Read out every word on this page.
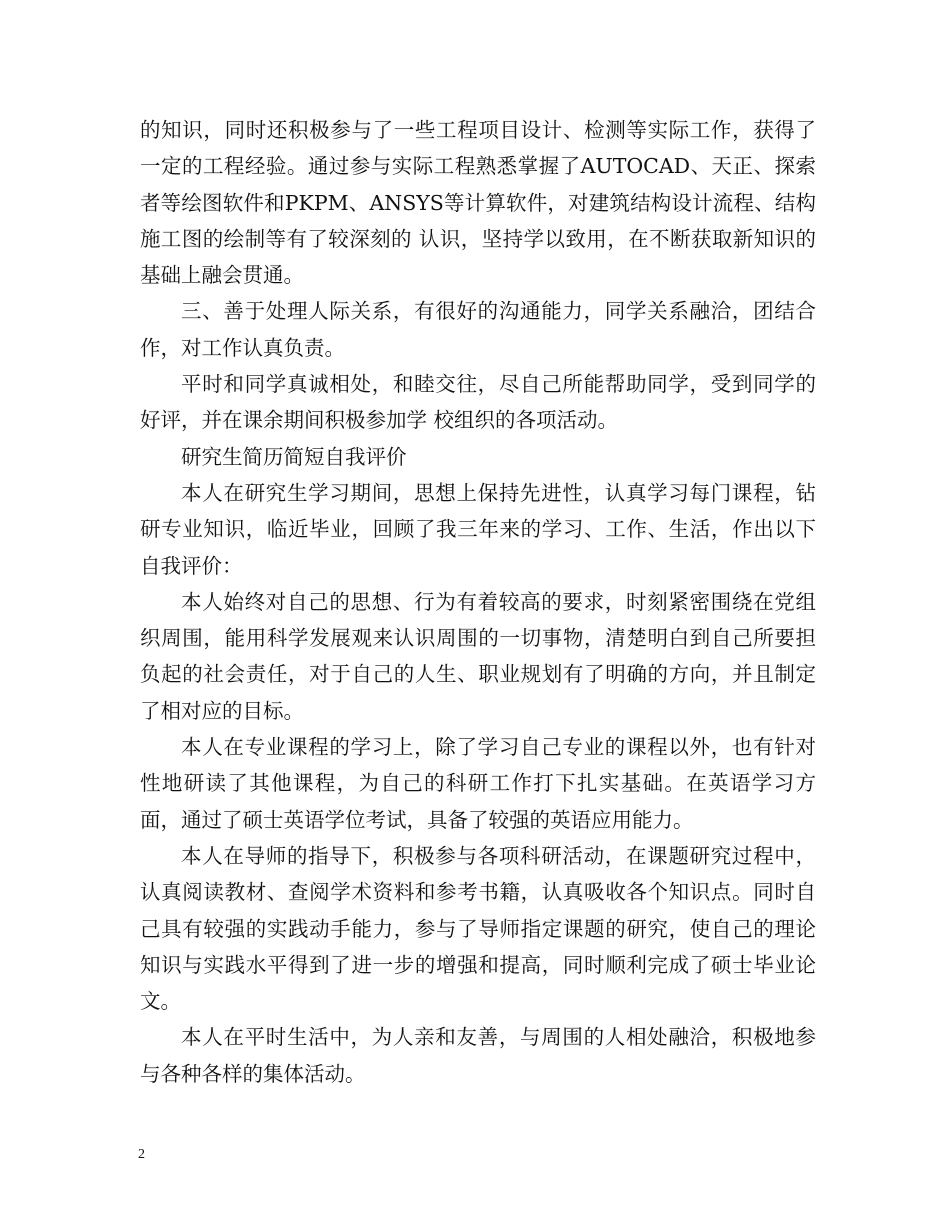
的知识，同时还积极参与了一些工程项目设计、检测等实际工作，获得了一定的工程经验。通过参与实际工程熟悉掌握了AUTOCAD、天正、探索者等绘图软件和PKPM、ANSYS等计算软件，对建筑结构设计流程、结构施工图的绘制等有了较深刻的 认识，坚持学以致用，在不断获取新知识的基础上融会贯通。

三、善于处理人际关系，有很好的沟通能力，同学关系融洽，团结合作，对工作认真负责。

平时和同学真诚相处，和睦交往，尽自己所能帮助同学，受到同学的好评，并在课余期间积极参加学 校组织的各项活动。

研究生简历简短自我评价

本人在研究生学习期间，思想上保持先进性，认真学习每门课程，钻研专业知识，临近毕业，回顾了我三年来的学习、工作、生活，作出以下自我评价：

本人始终对自己的思想、行为有着较高的要求，时刻紧密围绕在党组织周围，能用科学发展观来认识周围的一切事物，清楚明白到自己所要担负起的社会责任，对于自己的人生、职业规划有了明确的方向，并且制定了相对应的目标。

本人在专业课程的学习上，除了学习自己专业的课程以外，也有针对性地研读了其他课程，为自己的科研工作打下扎实基础。在英语学习方面，通过了硕士英语学位考试，具备了较强的英语应用能力。

本人在导师的指导下，积极参与各项科研活动，在课题研究过程中，认真阅读教材、查阅学术资料和参考书籍，认真吸收各个知识点。同时自己具有较强的实践动手能力，参与了导师指定课题的研究，使自己的理论知识与实践水平得到了进一步的增强和提高，同时顺利完成了硕士毕业论文。

本人在平时生活中，为人亲和友善，与周围的人相处融洽，积极地参与各种各样的集体活动。

2
